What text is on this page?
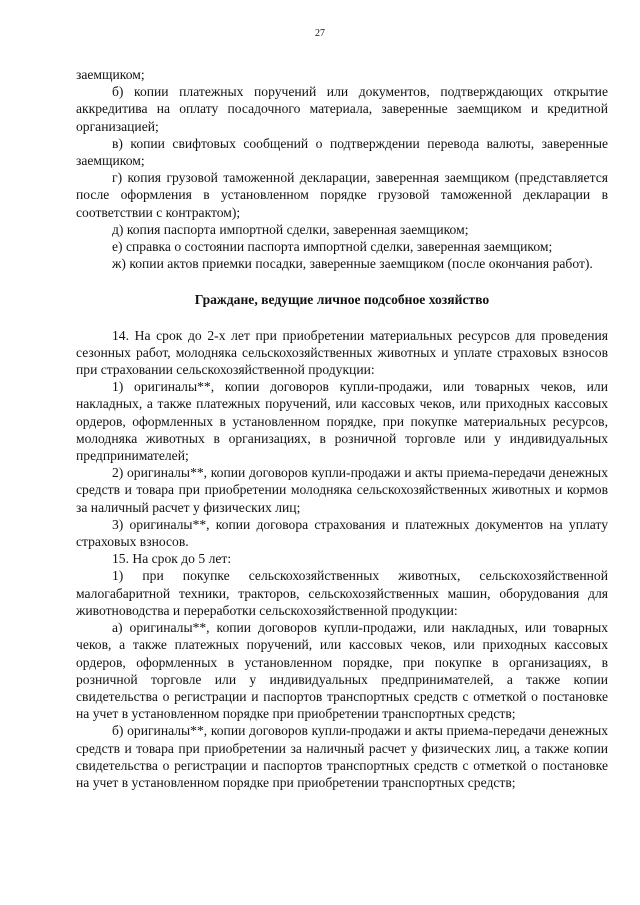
27

заемщиком;

б) копии платежных поручений или документов, подтверждающих открытие аккредитива на оплату посадочного материала, заверенные заемщиком и кредитной организацией;

в) копии свифтовых сообщений о подтверждении перевода валюты, заверенные заемщиком;

г) копия грузовой таможенной декларации, заверенная заемщиком (представляется после оформления в установленном порядке грузовой таможенной декларации в соответствии с контрактом);

д) копия паспорта импортной сделки, заверенная заемщиком;

е) справка о состоянии паспорта импортной сделки, заверенная заемщиком;

ж) копии актов приемки посадки, заверенные заемщиком (после окончания работ).

Граждане, ведущие личное подсобное хозяйство

14. На срок до 2-х лет при приобретении материальных ресурсов для проведения сезонных работ, молодняка сельскохозяйственных животных и уплате страховых взносов при страховании сельскохозяйственной продукции:

1) оригиналы**, копии договоров купли-продажи, или товарных чеков, или накладных, а также платежных поручений, или кассовых чеков, или приходных кассовых ордеров, оформленных в установленном порядке, при покупке материальных ресурсов, молодняка животных в организациях, в розничной торговле или у индивидуальных предпринимателей;

2) оригиналы**, копии договоров купли-продажи и акты приема-передачи денежных средств и товара при приобретении молодняка сельскохозяйственных животных и кормов за наличный расчет у физических лиц;

3) оригиналы**, копии договора страхования и платежных документов на уплату страховых взносов.

15. На срок до 5 лет:

1) при покупке сельскохозяйственных животных, сельскохозяйственной малогабаритной техники, тракторов, сельскохозяйственных машин, оборудования для животноводства и переработки сельскохозяйственной продукции:

а) оригиналы**, копии договоров купли-продажи, или накладных, или товарных чеков, а также платежных поручений, или кассовых чеков, или приходных кассовых ордеров, оформленных в установленном порядке, при покупке в организациях, в розничной торговле или у индивидуальных предпринимателей, а также копии свидетельства о регистрации и паспортов транспортных средств с отметкой о постановке на учет в установленном порядке при приобретении транспортных средств;

б) оригиналы**, копии договоров купли-продажи и акты приема-передачи денежных средств и товара при приобретении за наличный расчет у физических лиц, а также копии свидетельства о регистрации и паспортов транспортных средств с отметкой о постановке на учет в установленном порядке при приобретении транспортных средств;
